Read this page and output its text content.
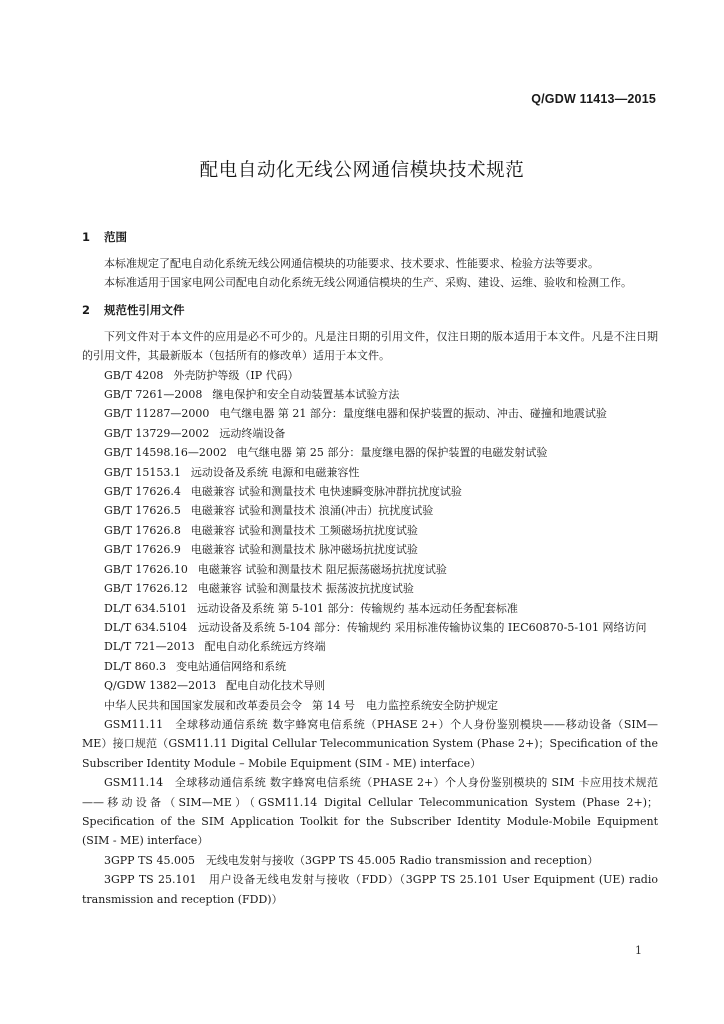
Q/GDW 11413—2015
配电自动化无线公网通信模块技术规范
1 范围

本标准规定了配电自动化系统无线公网通信模块的功能要求、技术要求、性能要求、检验方法等要求。

本标准适用于国家电网公司配电自动化系统无线公网通信模块的生产、采购、建设、运维、验收和检测工作。

2 规范性引用文件

下列文件对于本文件的应用是必不可少的。凡是注日期的引用文件，仅注日期的版本适用于本文件。凡是不注日期的引用文件，其最新版本（包括所有的修改单）适用于本文件。

GB/T 4208 外壳防护等级（IP 代码）

GB/T 7261—2008 继电保护和安全自动装置基本试验方法

GB/T 11287—2000 电气继电器 第 21 部分：量度继电器和保护装置的振动、冲击、碰撞和地震试验

GB/T 13729—2002 远动终端设备

GB/T 14598.16—2002 电气继电器 第 25 部分：量度继电器的保护装置的电磁发射试验

GB/T 15153.1 远动设备及系统 电源和电磁兼容性

GB/T 17626.4 电磁兼容 试验和测量技术 电快速瞬变脉冲群抗扰度试验

GB/T 17626.5 电磁兼容 试验和测量技术 浪涌(冲击）抗扰度试验

GB/T 17626.8 电磁兼容 试验和测量技术 工频磁场抗扰度试验

GB/T 17626.9 电磁兼容 试验和测量技术 脉冲磁场抗扰度试验

GB/T 17626.10 电磁兼容 试验和测量技术 阻尼振荡磁场抗扰度试验

GB/T 17626.12 电磁兼容 试验和测量技术 振荡波抗扰度试验

DL/T 634.5101 远动设备及系统 第 5-101 部分：传输规约 基本远动任务配套标准

DL/T 634.5104　远动设备及系统 5-104 部分：传输规约 采用标准传输协议集的 IEC60870-5-101 网络访问

DL/T 721—2013 配电自动化系统远方终端

DL/T 860.3 变电站通信网络和系统

Q/GDW 1382—2013 配电自动化技术导则

中华人民共和国国家发展和改革委员会令 第 14 号　电力监控系统安全防护规定

GSM11.11　全球移动通信系统 数字蜂窝电信系统（PHASE 2+）个人身份鉴别模块——移动设备（SIM—ME）接口规范（GSM11.11 Digital Cellular Telecommunication System (Phase 2+)；Specification of the Subscriber Identity Module – Mobile Equipment (SIM - ME) interface）

GSM11.14　全球移动通信系统 数字蜂窝电信系统（PHASE 2+）个人身份鉴别模块的 SIM 卡应用技术规范——移动设备（SIM—ME）（GSM11.14 Digital Cellular Telecommunication System (Phase 2+)；Specification of the SIM Application Toolkit for the Subscriber Identity Module-Mobile Equipment (SIM - ME) interface）

3GPP TS 45.005　无线电发射与接收（3GPP TS 45.005 Radio transmission and reception）

3GPP TS 25.101　用户设备无线电发射与接收（FDD）（3GPP TS 25.101 User Equipment (UE) radio transmission and reception (FDD)）

1
